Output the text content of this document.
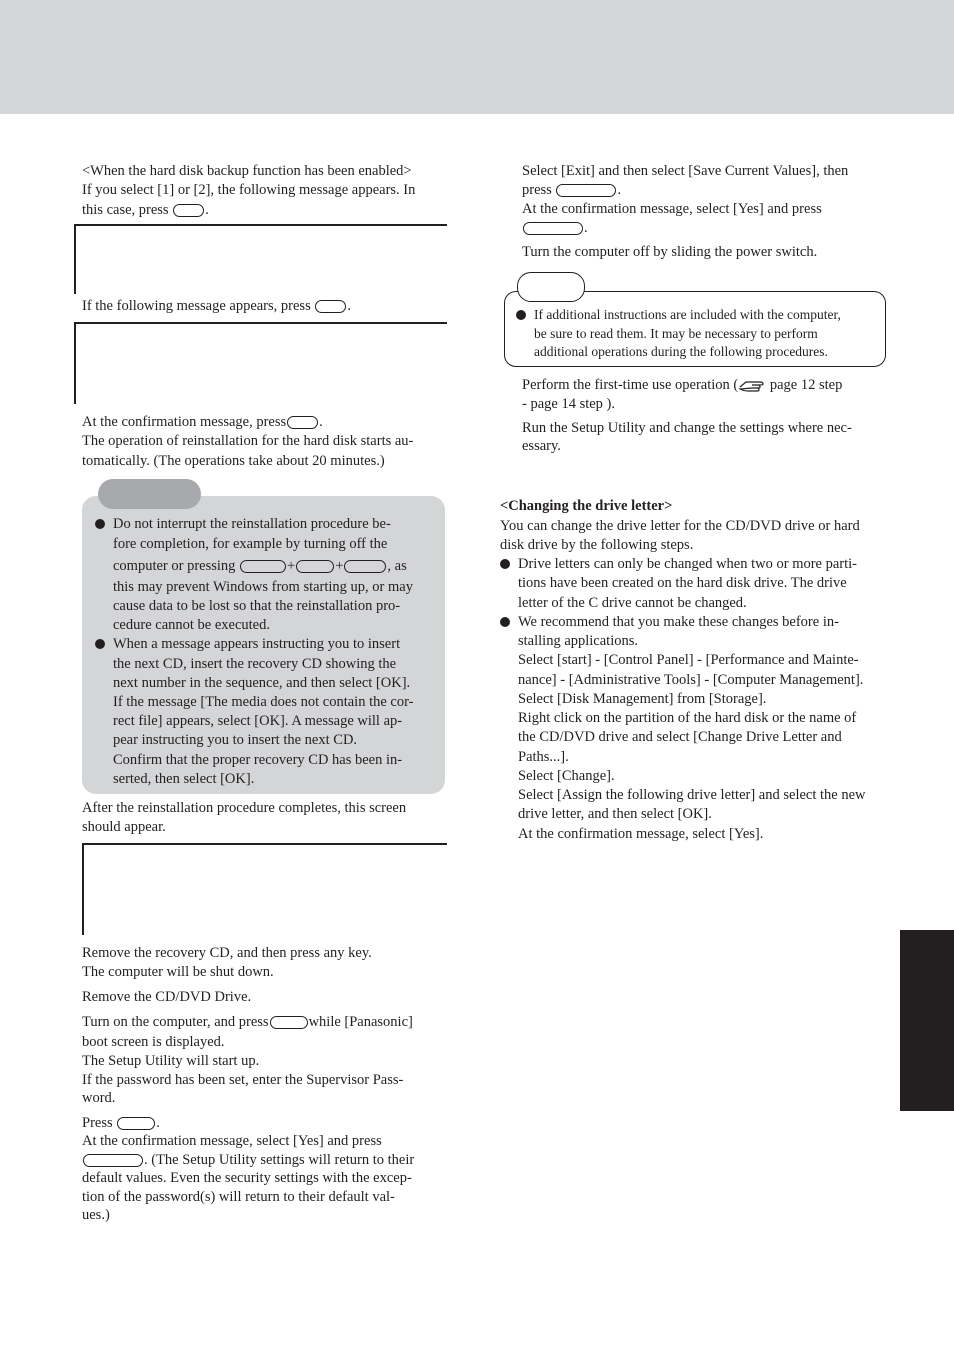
<When the hard disk backup function has been enabled>

If you select [1] or [2], the following message appears. In

this case, press	.

If the following message appears, press	.

At the confirmation message, press .

The operation of reinstallation for the hard disk starts au-

tomatically. (The operations take about 20 minutes.)

Do not interrupt the reinstallation procedure be-

fore completion, for example by turning off the

computer or pressing	+	+	, as

this may prevent Windows from starting up, or may

cause data to be lost so that the reinstallation pro-

cedure cannot be executed.

When a message appears instructing you to insert

the next CD, insert the recovery CD showing the

next number in the sequence, and then select [OK].

If the message [The media does not contain the cor-

rect file] appears, select [OK]. A message will ap-

pear instructing you to insert the next CD.

Confirm that the proper recovery CD has been in-

serted, then select [OK].

After the reinstallation procedure completes, this screen

should appear.

Remove the recovery CD, and then press any key.

The computer will be shut down.

Remove the CD/DVD Drive.

Turn on the computer, and press	while [Panasonic]

boot screen is displayed.

The Setup Utility will start up.

If the password has been set, enter the Supervisor Pass-

word.

Press	.

At the confirmation message, select [Yes] and press

. (The Setup Utility settings will return to their

default values. Even the security settings with the excep-

tion of the password(s) will return to their default val-

ues.)

Select [Exit] and then select [Save Current Values], then

press	.

At the confirmation message, select [Yes] and press

.

Turn the computer off by sliding the power switch.

If additional instructions are included with the computer,

be sure to read them. It may be necessary to perform

additional operations during the following procedures.

Perform the first-time use operation ( page 12 step

- page 14 step ).

Run the Setup Utility and change the settings where nec-

essary.

<Changing the drive letter>

You can change the drive letter for the CD/DVD drive or hard

disk drive by the following steps.

Drive letters can only be changed when two or more parti-

tions have been created on the hard disk drive. The drive

letter of the C drive cannot be changed.

We recommend that you make these changes before in-

stalling applications.

Select [start] - [Control Panel] - [Performance and Mainte-

nance] - [Administrative Tools] - [Computer Management].

Select [Disk Management] from [Storage].

Right click on the partition of the hard disk or the name of

the CD/DVD drive and select [Change Drive Letter and

Paths...].

Select [Change].

Select [Assign the following drive letter] and select the new

drive letter, and then select [OK].

At the confirmation message, select [Yes].
